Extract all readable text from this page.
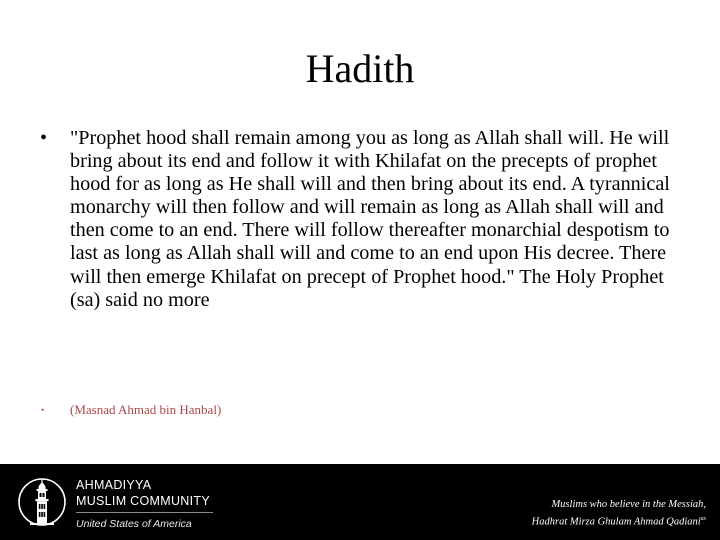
Hadith
• "Prophet hood shall remain among you as long as Allah shall will. He will bring about its end and follow it with Khilafat on the precepts of prophet hood for as long as He shall will and then bring about its end. A tyrannical monarchy will then follow and will remain as long as Allah shall will and then come to an end. There will follow thereafter monarchial despotism to last as long as Allah shall will and come to an end upon His decree. There will then emerge Khilafat on precept of Prophet hood." The Holy Prophet (sa) said no more
• (Masnad Ahmad bin Hanbal)
AHMADIYYA
MUSLIM COMMUNITY
United States of America
Muslims who believe in the Messiah,
Hadhrat Mirza Ghulam Ahmad Qadiani$^{as}$
